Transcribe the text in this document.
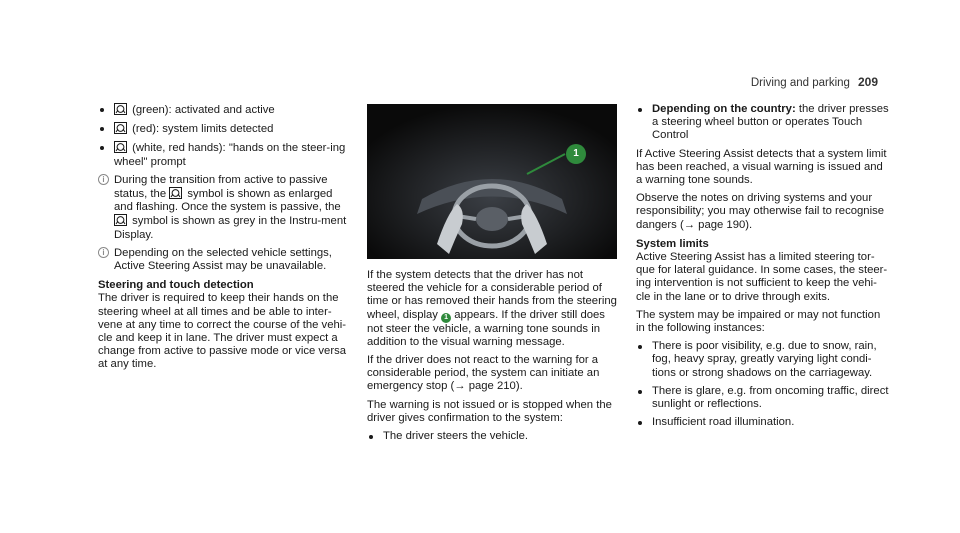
Driving and parking 209
(green): activated and active
(red): system limits detected
(white, red hands): "hands on the steer-ing wheel" prompt
i During the transition from active to passive status, the symbol is shown as enlarged and flashing. Once the system is passive, the
symbol is shown as grey in the Instru-ment Display.
i Depending on the selected vehicle settings, Active Steering Assist may be unavailable.
Steering and touch detection

The driver is required to keep their hands on the steering wheel at all times and be able to inter-vene at any time to correct the course of the vehi-cle and keep it in lane. The driver must expect a change from active to passive mode or vice versa at any time.

1

If the system detects that the driver has not steered the vehicle for a considerable period of time or has removed their hands from the steering wheel, display 1 appears. If the driver still does not steer the vehicle, a warning tone sounds in addition to the visual warning message.

If the driver does not react to the warning for a considerable period, the system can initiate an emergency stop (→ page 210).

The warning is not issued or is stopped when the driver gives confirmation to the system:

The driver steers the vehicle.
Depending on the country: the driver presses a steering wheel button or operates Touch Control

If Active Steering Assist detects that a system limit has been reached, a visual warning is issued and a warning tone sounds.

Observe the notes on driving systems and your responsibility; you may otherwise fail to recognise dangers (→ page 190).

System limits

Active Steering Assist has a limited steering tor-que for lateral guidance. In some cases, the steer-ing intervention is not sufficient to keep the vehi-cle in the lane or to drive through exits.

The system may be impaired or may not function in the following instances:

There is poor visibility, e.g. due to snow, rain, fog, heavy spray, greatly varying light condi-tions or strong shadows on the carriageway.
There is glare, e.g. from oncoming traffic, direct sunlight or reflections.
Insufficient road illumination.
